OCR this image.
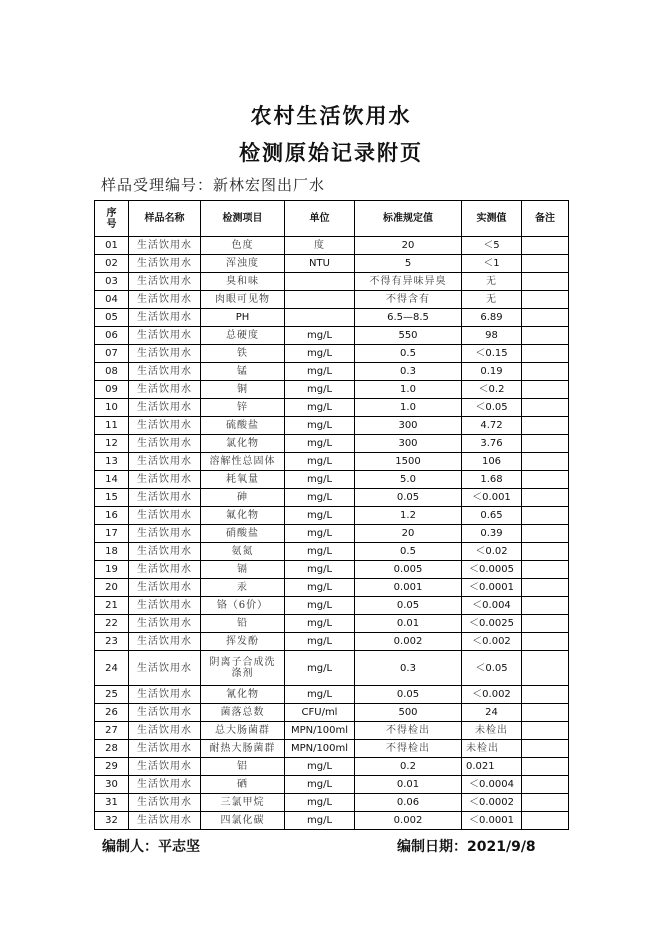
农村生活饮用水
检测原始记录附页
样品受理编号：新林宏图出厂水
序号	样品名称	检测项目	单位	标准规定值	实测值	备注
01	生活饮用水	色度	度	20	＜5	
02	生活饮用水	浑浊度	NTU	5	＜1	
03	生活饮用水	臭和味		不得有异味异臭	无	
04	生活饮用水	肉眼可见物		不得含有	无	
05	生活饮用水	PH		6.5—8.5	6.89	
06	生活饮用水	总硬度	mg/L	550	98	
07	生活饮用水	铁	mg/L	0.5	＜0.15	
08	生活饮用水	锰	mg/L	0.3	0.19	
09	生活饮用水	铜	mg/L	1.0	＜0.2	
10	生活饮用水	锌	mg/L	1.0	＜0.05	
11	生活饮用水	硫酸盐	mg/L	300	4.72	
12	生活饮用水	氯化物	mg/L	300	3.76	
13	生活饮用水	溶解性总固体	mg/L	1500	106	
14	生活饮用水	耗氧量	mg/L	5.0	1.68	
15	生活饮用水	砷	mg/L	0.05	＜0.001	
16	生活饮用水	氟化物	mg/L	1.2	0.65	
17	生活饮用水	硝酸盐	mg/L	20	0.39	
18	生活饮用水	氨氮	mg/L	0.5	＜0.02	
19	生活饮用水	镉	mg/L	0.005	＜0.0005	
20	生活饮用水	汞	mg/L	0.001	＜0.0001	
21	生活饮用水	铬（6价）	mg/L	0.05	＜0.004	
22	生活饮用水	铅	mg/L	0.01	＜0.0025	
23	生活饮用水	挥发酚	mg/L	0.002	＜0.002	
24	生活饮用水	阴离子合成洗涤剂	mg/L	0.3	＜0.05	
25	生活饮用水	氰化物	mg/L	0.05	＜0.002	
26	生活饮用水	菌落总数	CFU/ml	500	24	
27	生活饮用水	总大肠菌群	MPN/100ml	不得检出	未检出	
28	生活饮用水	耐热大肠菌群	MPN/100ml	不得检出	未检出	
29	生活饮用水	铝	mg/L	0.2	0.021	
30	生活饮用水	硒	mg/L	0.01	＜0.0004	
31	生活饮用水	三氯甲烷	mg/L	0.06	＜0.0002	
32	生活饮用水	四氯化碳	mg/L	0.002	＜0.0001	
编制人：平志坚	编制日期：2021/9/8
